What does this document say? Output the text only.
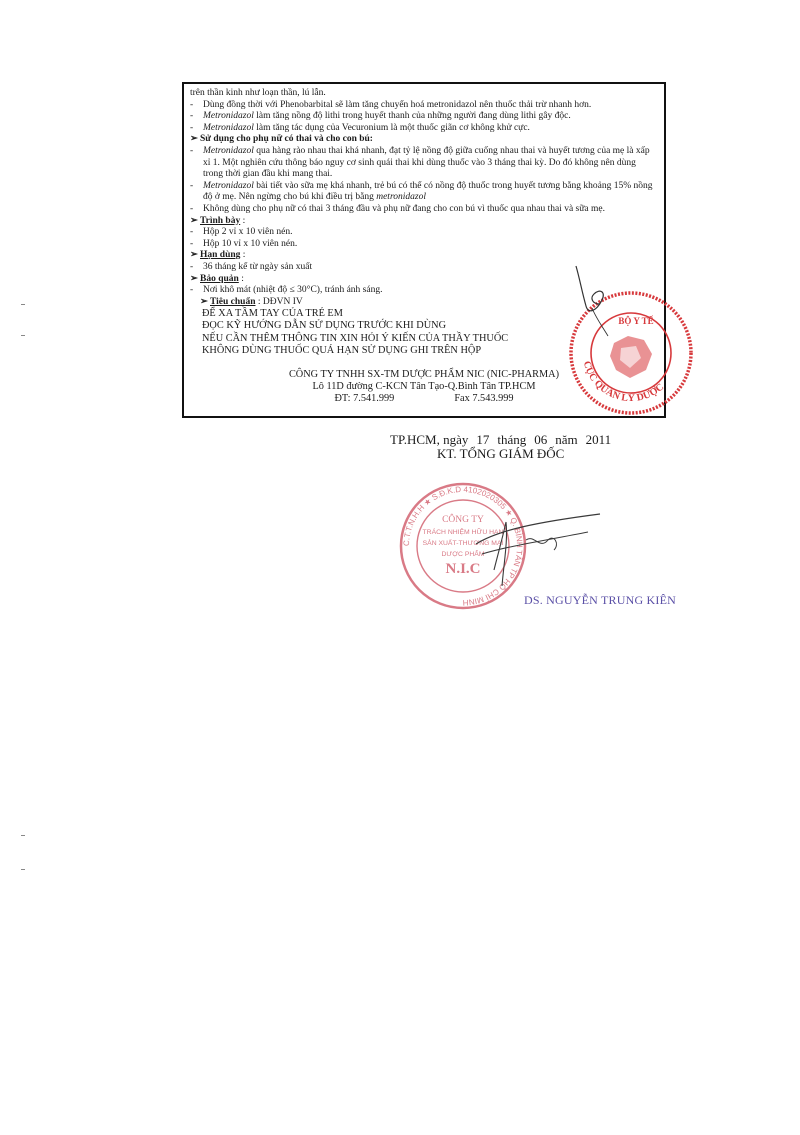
trên thần kinh như loạn thần, lú lẫn.
- Dùng đồng thời với Phenobarbital sẽ làm tăng chuyển hoá metronidazol nên thuốc thải trừ nhanh hơn.
- Metronidazol làm tăng nồng độ lithi trong huyết thanh của những người đang dùng lithi gây độc.
- Metronidazol làm tăng tác dụng của Vecuronium là một thuốc giãn cơ không khử cực.
➢ Sử dụng cho phụ nữ có thai và cho con bú:
- Metronidazol qua hàng rào nhau thai khá nhanh, đạt tỷ lệ nồng độ giữa cuống nhau thai và huyết tương của mẹ là xấp xỉ 1. Một nghiên cứu thông báo nguy cơ sinh quái thai khi dùng thuốc vào 3 tháng thai kỳ. Do đó không nên dùng trong thời gian đầu khi mang thai.
- Metronidazol bài tiết vào sữa mẹ khá nhanh, trẻ bú có thể có nồng độ thuốc trong huyết tương bằng khoảng 15% nồng độ ở mẹ. Nên ngừng cho bú khi điều trị bằng metronidazol
- Không dùng cho phụ nữ có thai 3 tháng đầu và phụ nữ đang cho con bú vì thuốc qua nhau thai và sữa mẹ.
➢ Trình bày :
- Hộp 2 vỉ x 10 viên nén.
- Hộp 10 vỉ x 10 viên nén.
➢ Hạn dùng :
- 36 tháng kể từ ngày sản xuất
➢ Bảo quản :
- Nơi khô mát (nhiệt độ ≤ 30°C), tránh ánh sáng.
➢ Tiêu chuẩn : DĐVN IV
ĐỂ XA TẦM TAY CỦA TRẺ EM
ĐỌC KỸ HƯỚNG DẪN SỬ DỤNG TRƯỚC KHI DÙNG
NẾU CẦN THÊM THÔNG TIN XIN HỎI Ý KIẾN CỦA THẦY THUỐC
KHÔNG DÙNG THUỐC QUÁ HẠN SỬ DỤNG GHI TRÊN HỘP
CÔNG TY TNHH SX-TM DƯỢC PHẨM NIC (NIC-PHARMA)
Lô 11D đường C-KCN Tân Tạo-Q.Bình Tân TP.HCM
ĐT: 7.541.999	Fax 7.543.999
CỤC QUẢN LÝ DƯỢC
BỘ Y TẾ
TP.HCM, ngày 17 tháng 06 năm 2011
KT. TỔNG GIÁM ĐỐC
C.T.T.N.H.H ★ S.Đ.K.D 4102020305 ★ Q. BÌNH TÂN TP HỒ CHÍ MINH
CÔNG TY
TRÁCH NHIỆM HỮU HẠN
SẢN XUẤT-THƯƠNG MẠI
DƯỢC PHẨM
N.I.C
DS. NGUYỄN TRUNG KIÊN
